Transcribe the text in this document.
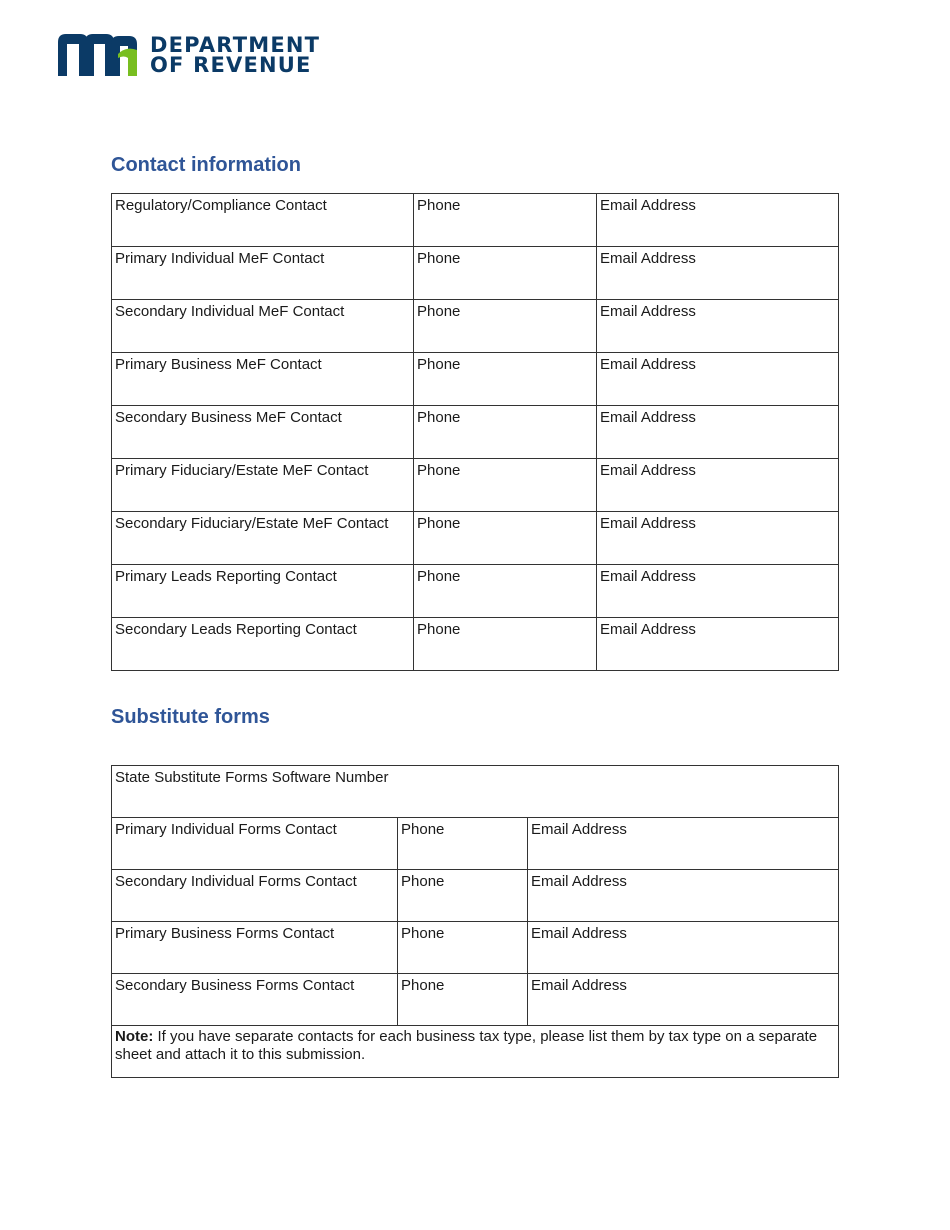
DEPARTMENT
OF REVENUE
Contact information
Regulatory/Compliance Contact	Phone	Email Address
Primary Individual MeF Contact	Phone	Email Address
Secondary Individual MeF Contact	Phone	Email Address
Primary Business MeF Contact	Phone	Email Address
Secondary Business MeF Contact	Phone	Email Address
Primary Fiduciary/Estate MeF Contact	Phone	Email Address
Secondary Fiduciary/Estate MeF Contact	Phone	Email Address
Primary Leads Reporting Contact	Phone	Email Address
Secondary Leads Reporting Contact	Phone	Email Address
Substitute forms
State Substitute Forms Software Number		
Primary Individual Forms Contact	Phone	Email Address
Secondary Individual Forms Contact	Phone	Email Address
Primary Business Forms Contact	Phone	Email Address
Secondary Business Forms Contact	Phone	Email Address
Note: If you have separate contacts for each business tax type, please list them by tax type on a separate sheet and attach it to this submission.		
